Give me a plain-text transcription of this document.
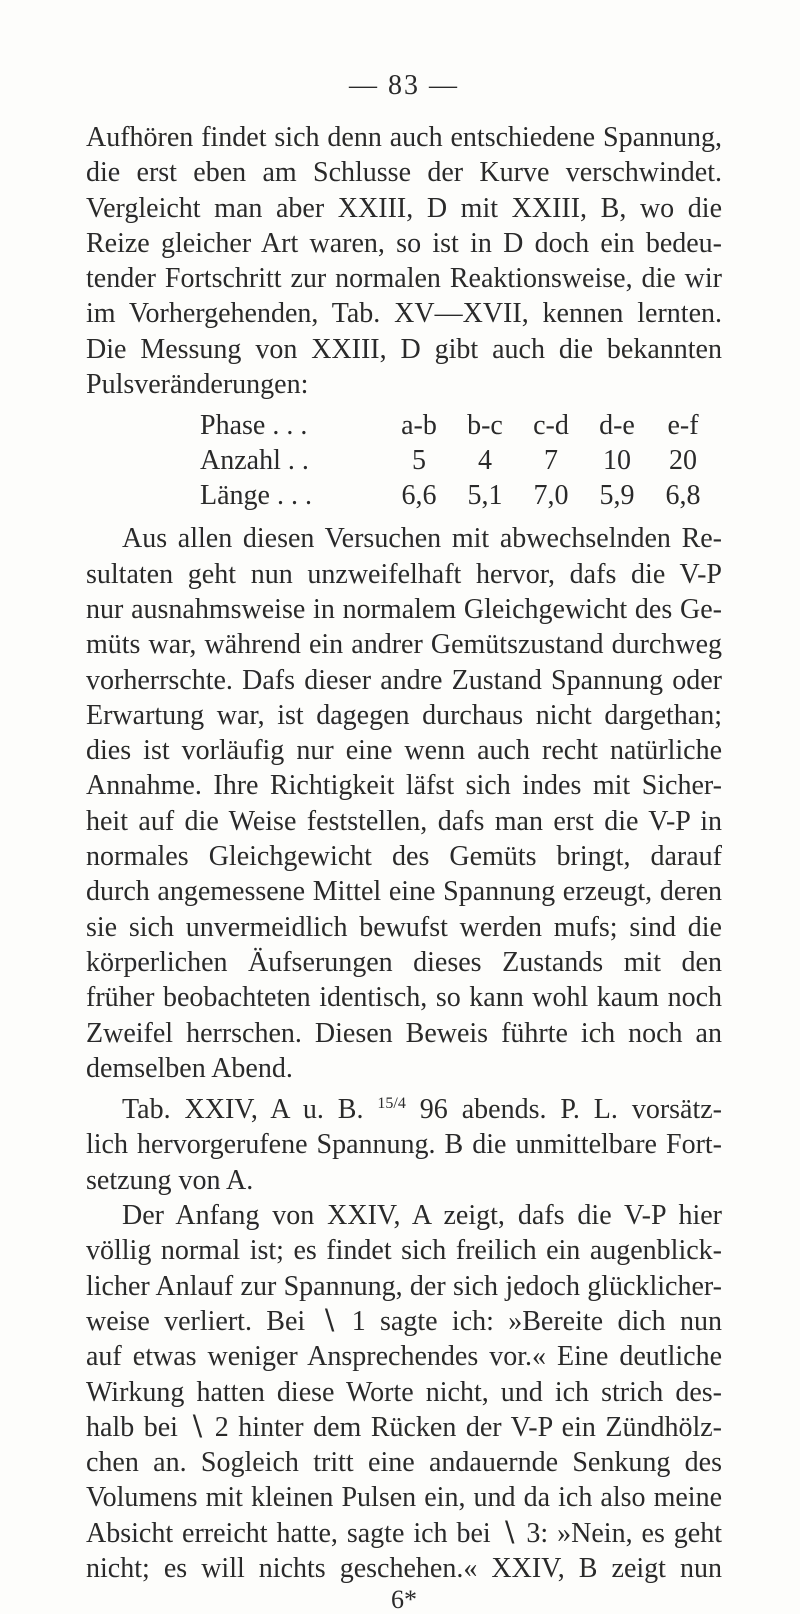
— 83 —
Aufhören findet sich denn auch entschiedene Spannung,
die erst eben am Schlusse der Kurve verschwindet.
Vergleicht man aber XXIII, D mit XXIII, B, wo die
Reize gleicher Art waren, so ist in D doch ein bedeu-
tender Fortschritt zur normalen Reaktionsweise, die wir
im Vorhergehenden, Tab. XV—XVII, kennen lernten.
Die Messung von XXIII, D gibt auch die bekannten
Pulsveränderungen:
Phase . . .	a-b	b-c	c-d	d-e	e-f
Anzahl . .	5	4	7	10	20
Länge . . .	6,6	5,1	7,0	5,9	6,8
Aus allen diesen Versuchen mit abwechselnden Re-
sultaten geht nun unzweifelhaft hervor, dafs die V-P
nur ausnahmsweise in normalem Gleichgewicht des Ge-
müts war, während ein andrer Gemütszustand durchweg
vorherrschte. Dafs dieser andre Zustand Spannung oder
Erwartung war, ist dagegen durchaus nicht dargethan;
dies ist vorläufig nur eine wenn auch recht natürliche
Annahme. Ihre Richtigkeit läfst sich indes mit Sicher-
heit auf die Weise feststellen, dafs man erst die V-P in
normales Gleichgewicht des Gemüts bringt, darauf
durch angemessene Mittel eine Spannung erzeugt, deren
sie sich unvermeidlich bewufst werden mufs; sind die
körperlichen Äufserungen dieses Zustands mit den
früher beobachteten identisch, so kann wohl kaum noch
Zweifel herrschen. Diesen Beweis führte ich noch an
demselben Abend.
Tab. XXIV, A u. B. $^{15/4}$ 96 abends. P. L. vorsätz-
lich hervorgerufene Spannung. B die unmittelbare Fort-
setzung von A.
Der Anfang von XXIV, A zeigt, dafs die V-P hier
völlig normal ist; es findet sich freilich ein augenblick-
licher Anlauf zur Spannung, der sich jedoch glücklicher-
weise verliert. Bei ∖ 1 sagte ich: »Bereite dich nun
auf etwas weniger Ansprechendes vor.« Eine deutliche
Wirkung hatten diese Worte nicht, und ich strich des-
halb bei ∖ 2 hinter dem Rücken der V-P ein Zündhölz-
chen an. Sogleich tritt eine andauernde Senkung des
Volumens mit kleinen Pulsen ein, und da ich also meine
Absicht erreicht hatte, sagte ich bei ∖ 3: »Nein, es geht
nicht; es will nichts geschehen.« XXIV, B zeigt nun
6*
